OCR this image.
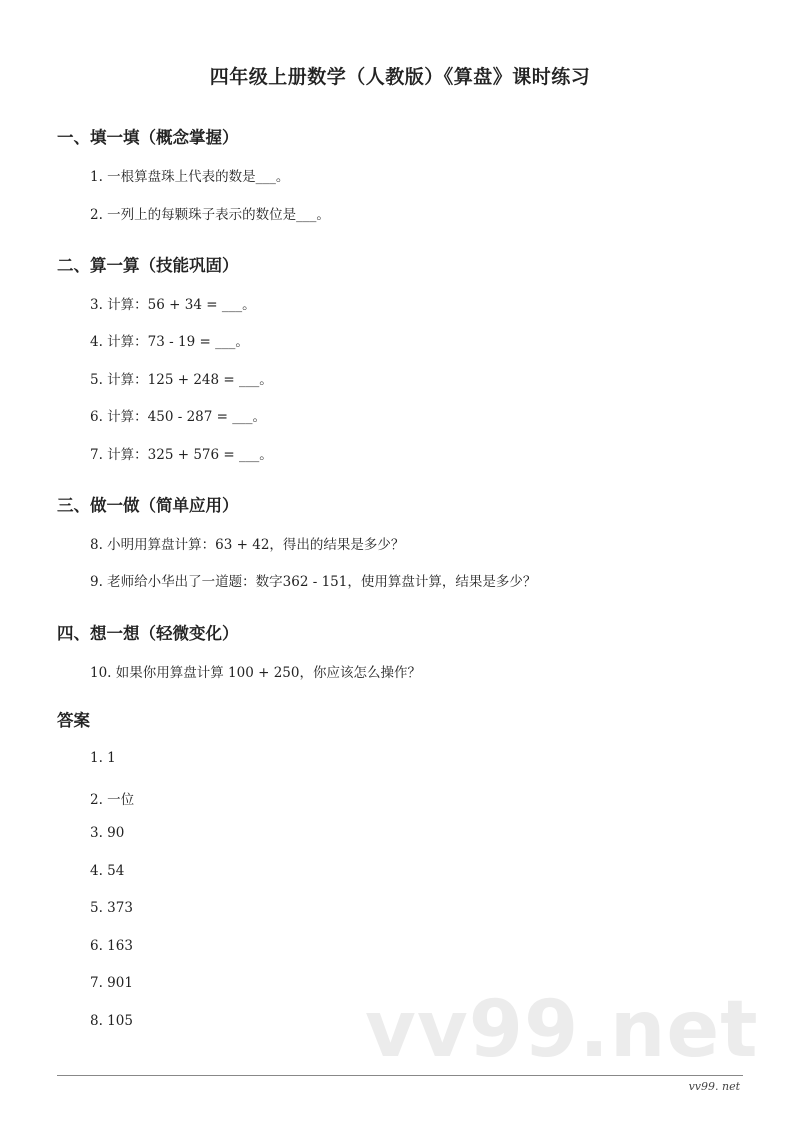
四年级上册数学（人教版）《算盘》课时练习
一、填一填（概念掌握）
1. 一根算盘珠上代表的数是___。
2. 一列上的每颗珠子表示的数位是___。
二、算一算（技能巩固）
3. 计算：56 + 34 = ___。
4. 计算：73 - 19 = ___。
5. 计算：125 + 248 = ___。
6. 计算：450 - 287 = ___。
7. 计算：325 + 576 = ___。
三、做一做（简单应用）
8. 小明用算盘计算：63 + 42，得出的结果是多少？
9. 老师给小华出了一道题：数字362 - 151，使用算盘计算，结果是多少？
四、想一想（轻微变化）
10. 如果你用算盘计算 100 + 250，你应该怎么操作？
答案
1. 1
2. 一位
3. 90
4. 54
5. 373
6. 163
7. 901
8. 105	vv99.net
vv99. net
